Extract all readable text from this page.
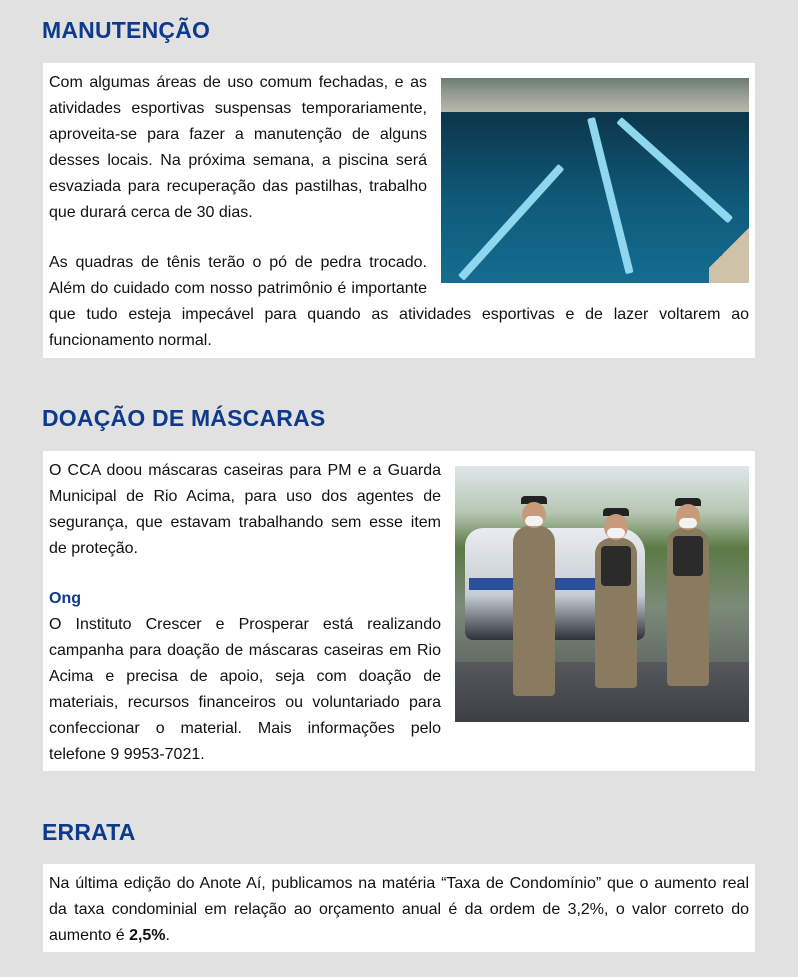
MANUTENÇÃO

Com algumas áreas de uso comum fechadas, e as atividades esportivas suspensas temporariamente, aproveita-se para fazer a manutenção de alguns desses locais. Na próxima semana, a piscina será esvaziada para recuperação das pastilhas, trabalho que durará cerca de 30 dias.

As quadras de tênis terão o pó de pedra trocado. Além do cuidado com nosso patrimônio é importante que tudo esteja impecável para quando as atividades esportivas e de lazer voltarem ao funcionamento normal.

DOAÇÃO DE MÁSCARAS

O CCA doou máscaras caseiras para PM e a Guarda Municipal de Rio Acima, para uso dos agentes de segurança, que estavam trabalhando sem esse item de proteção.

Ong

O Instituto Crescer e Prosperar está realizando campanha para doação de máscaras caseiras em Rio Acima e precisa de apoio, seja com doação de materiais, recursos financeiros ou voluntariado para confeccionar o material. Mais informações pelo telefone 9 9953-7021.

ERRATA

Na última edição do Anote Aí, publicamos na matéria “Taxa de Condomínio” que o aumento real da taxa condominial em relação ao orçamento anual é da ordem de 3,2%, o valor correto do aumento é 2,5%.
